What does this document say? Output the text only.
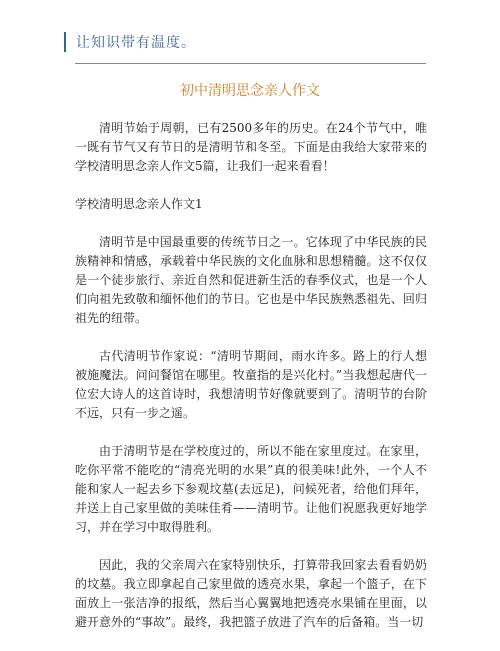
让知识带有温度。
初中清明思念亲人作文

清明节始于周朝，已有2500多年的历史。在24个节气中，唯一既有节气又有节日的是清明节和冬至。下面是由我给大家带来的学校清明思念亲人作文5篇，让我们一起来看看！

学校清明思念亲人作文1

清明节是中国最重要的传统节日之一。它体现了中华民族的民族精神和情感，承载着中华民族的文化血脉和思想精髓。这不仅仅是一个徒步旅行、亲近自然和促进新生活的春季仪式，也是一个人们向祖先致敬和缅怀他们的节日。它也是中华民族熟悉祖先、回归祖先的纽带。

古代清明节作家说：“清明节期间，雨水许多。路上的行人想被施魔法。问问餐馆在哪里。牧童指的是兴化村。”当我想起唐代一位宏大诗人的这首诗时，我想清明节好像就要到了。清明节的台阶不远，只有一步之遥。

由于清明节是在学校度过的，所以不能在家里度过。在家里，吃你平常不能吃的“清亮光明的水果”真的很美味!此外，一个人不能和家人一起去乡下参观坟墓(去远足)，问候死者，给他们拜年，并送上自己家里做的美味佳肴——清明节。让他们祝愿我更好地学习，并在学习中取得胜利。

因此，我的父亲周六在家特别快乐，打算带我回家去看看奶奶的坟墓。我立即拿起自己家里做的透亮水果，拿起一个篮子，在下面放上一张洁净的报纸，然后当心翼翼地把透亮水果铺在里面，以避开意外的“事故”。最终，我把篮子放进了汽车的后备箱。当一切
